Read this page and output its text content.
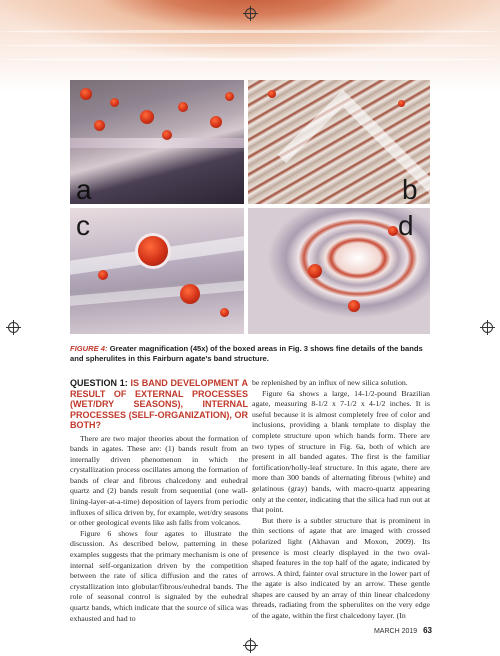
a	b
c	d
FIGURE 4: Greater magnification (45x) of the boxed areas in Fig. 3 shows fine details of the bands and spherulites in this Fairburn agate's band structure.
QUESTION 1: IS BAND DEVELOPMENT A RESULT OF EXTERNAL PROCESSES (WET/DRY SEASONS), INTERNAL PROCESSES (SELF-ORGANIZATION), OR BOTH?

There are two major theories about the formation of bands in agates. These are: (1) bands result from an internally driven phenomenon in which the crystallization process oscillates among the formation of bands of clear and fibrous chalcedony and euhedral quartz and (2) bands result from sequential (one wall-lining-layer-at-a-time) deposition of layers from periodic influxes of silica driven by, for example, wet/dry seasons or other geological events like ash falls from volcanos.

Figure 6 shows four agates to illustrate the discussion. As described below, patterning in these examples suggests that the primary mechanism is one of internal self-organization driven by the competition between the rate of silica diffusion and the rates of crystallization into globular/fibrous/euhedral bands. The role of seasonal control is signaled by the euhedral quartz bands, which indicate that the source of silica was exhausted and had to

be replenished by an influx of new silica solution.

Figure 6a shows a large, 14-1/2-pound Brazilian agate, measuring 8-1/2 x 7-1/2 x 4-1/2 inches. It is useful because it is almost completely free of color and inclusions, providing a blank template to display the complete structure upon which bands form. There are two types of structure in Fig. 6a, both of which are present in all banded agates. The first is the familiar fortification/holly-leaf structure. In this agate, there are more than 300 bands of alternating fibrous (white) and gelatinous (gray) bands, with macro-quartz appearing only at the center, indicating that the silica had run out at that point.

But there is a subtler structure that is prominent in thin sections of agate that are imaged with crossed polarized light (Akhavan and Moxon, 2009). Its presence is most clearly displayed in the two oval-shaped features in the top half of the agate, indicated by arrows. A third, fainter oval structure in the lower part of the agate is also indicated by an arrow. These gentle shapes are caused by an array of thin linear chalcedony threads, radiating from the spherulites on the very edge of the agate, within the first chalcedony layer. (In

MARCH 2019 63
